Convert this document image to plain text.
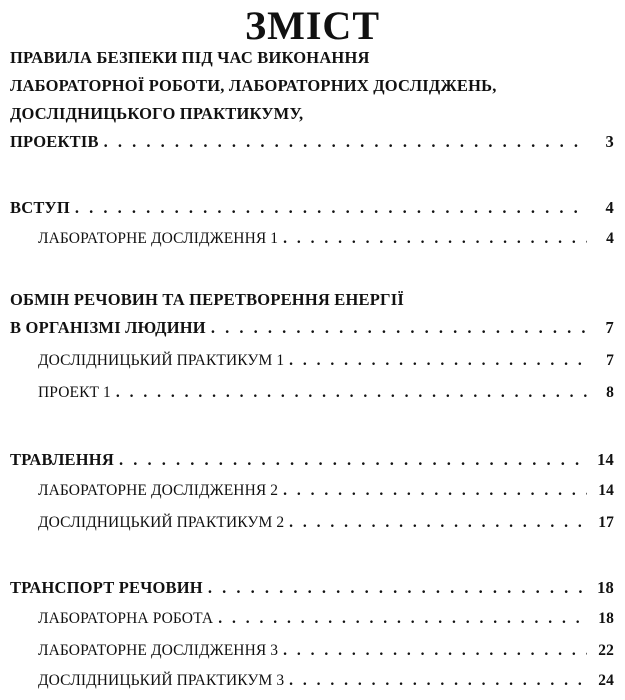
ЗМІСТ
ПРАВИЛА БЕЗПЕКИ ПІД ЧАС ВИКОНАННЯ
ЛАБОРАТОРНОЇ РОБОТИ, ЛАБОРАТОРНИХ ДОСЛІДЖЕНЬ,
ДОСЛІДНИЦЬКОГО ПРАКТИКУМУ,
ПРОЕКТІВ . . .	3
ВСТУП . . .	4
ЛАБОРАТОРНЕ ДОСЛІДЖЕННЯ 1 . . .	4
ОБМІН РЕЧОВИН ТА ПЕРЕТВОРЕННЯ ЕНЕРГІЇ
В ОРГАНІЗМІ ЛЮДИНИ . . .	7
ДОСЛІДНИЦЬКИЙ ПРАКТИКУМ 1 . . .	7
ПРОЕКТ 1 . . .	8
ТРАВЛЕННЯ . . .	14
ЛАБОРАТОРНЕ ДОСЛІДЖЕННЯ 2 . . .	14
ДОСЛІДНИЦЬКИЙ ПРАКТИКУМ 2 . . .	17
ТРАНСПОРТ РЕЧОВИН . . .	18
ЛАБОРАТОРНА РОБОТА . . .	18
ЛАБОРАТОРНЕ ДОСЛІДЖЕННЯ 3 . . .	22
ДОСЛІДНИЦЬКИЙ ПРАКТИКУМ 3 . . .	24
